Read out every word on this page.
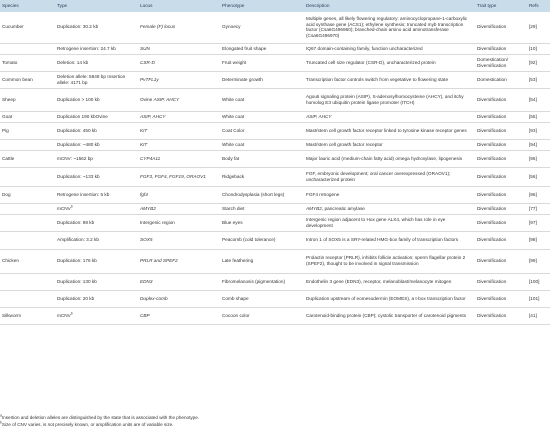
Species	Type	Locus	Phenotype	Description	Trait type	Refs
Cucumber	Duplication: 30.2 kb	Female (F) locus	Gynoecy	Multiple genes, all likely flowering regulatory: aminocyclopropane-1-carboxylic acid synthase gene (ACS1); ethylene synthesis; truncated myb transcription factor (Csa6G496960); branched-chain amino acid aminotransferase (Csa6G496970)	Diversification	[29]
	Retrogene insertion: 24.7 kb	SUN	Elongated fruit shape	IQ67 domain-containing family, function uncharacterized	Diversification	[10]
Tomato	Deletion: 14 kb	CSR-D	Fruit weight	Truncated cell size regulator (CSR-D), uncharacterized protein	Domestication/ Diversification	[92]
Common bean	Deletion allele: 5848 bp Insertion allele: 4171 bp	PvTFL1y	Determinate growth	Transcription factor controls switch from vegetative to flowering state	Domestication	[53]
Sheep	Duplication > 100 kb	Ovine ASIP, AHCY	White coat	Agouti signaling protein (ASIP), S-adenosylhomocysteine (AHCY), and itchy homolog E3 ubiquitin protein ligase promoter (ITCH)	Diversification	[54]
Goat	Duplication 190 kbOvine	ASIP, AHCY	White coat	ASIP, AHCY	Diversification	[55]
Pig	Duplication: 450 kb	KIT	Coat Color	Mast/stem cell growth factor receptor linked to tyrosine kinase receptor genes	Diversification	[93]
	Duplication: ~480 kb	KIT	White coat	Mast/stem cell growth factor receptor	Diversification	[94]
Cattle	mCNV: ~1562 bp	CYP4A11	Body fat	Major lauric acid (medium-chain fatty acid) omega hydroxylase, lipogenesis	Diversification	[95]
	Duplication: ~133 kb	FGF3, FGF4, FGF19, ORAOV1	Ridgeback	FGF, embryonic development; oral cancer overexpressed (ORAOV1); uncharacterized protein	Diversification	[56]
Dog	Retrogene insertion: 5 kb	fgf4	Chondrodysplasia (short legs)	FGF4 retrogene	Diversification	[96]
	mCNV$^b$	AMYB2	Starch diet	AMYB2, pancreatic amylase	Diversification	[77]
	Duplication: 98 kb	Intergenic region	Blue eyes	Intergenic region adjacent to Hox gene ALX4, which has role in eye development	Diversification	[97]
	Amplification: 3.2 kb	SOX5	Peacomb (cold tolerance)	Intron 1 of SOX5 is a SRY-related HMG-box family of transcription factors	Diversification	[98]
Chicken	Duplication: 176 kb	PRLR and SPEF2	Late feathering	Prolactin receptor (PRLR), inhibits follicle activation; sperm flagellar protein 2 (SPEF2), thought to be involved in signal transmission	Diversification	[99]
	Duplication: 130 kb	EDN3	Fibromelanosis (pigmentation)	Endothelin 3 gene (EDN3), receptor, melanoblast/melanocyte mitogen	Diversification	[100]
	Duplication: 20 kb	Duplex-comb	Comb shape	Duplication upstream of eomesodermin (EOMES), a t-box transcription factor	Diversification	[101]
Silkworm	mCNV$^b$	CBP	Cocoon color	Carotenoid-binding protein (CBP); cystolic transporter of carotenoid pigments	Diversification	[41]
$^a$Insertion and deletion alleles are distinguished by the state that is associated with the phenotype.
$^b$Size of CNV varies, is not precisely known, or amplification units are of variable size.
